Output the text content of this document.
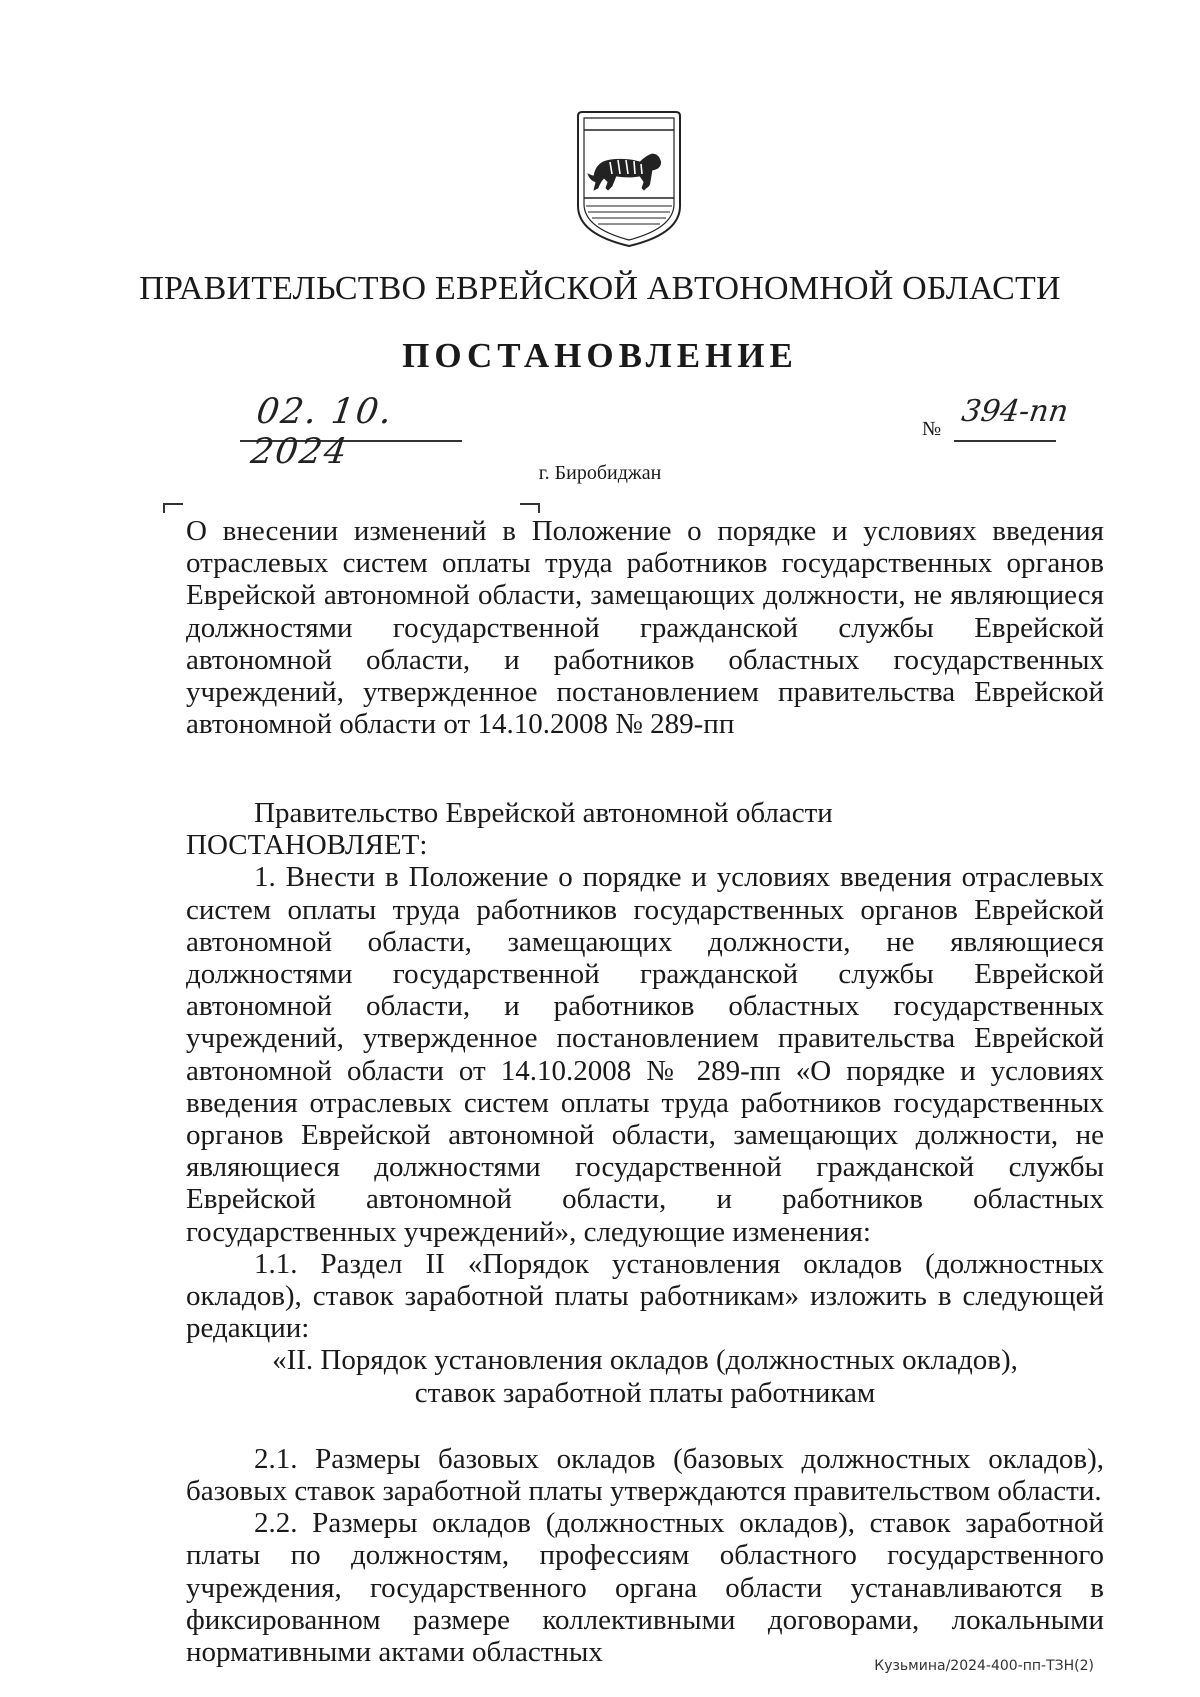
ПРАВИТЕЛЬСТВО ЕВРЕЙСКОЙ АВТОНОМНОЙ ОБЛАСТИ
ПОСТАНОВЛЕНИЕ
02. 10. 2024
№ 394-пп
г. Биробиджан
О внесении изменений в Положение о порядке и условиях введения отраслевых систем оплаты труда работников государственных органов Еврейской автономной области, замещающих должности, не являющиеся должностями государственной гражданской службы Еврейской автономной области, и работников областных государственных учреждений, утвержденное постановлением правительства Еврейской автономной области от 14.10.2008 № 289-пп

Правительство Еврейской автономной области

ПОСТАНОВЛЯЕТ:

1. Внести в Положение о порядке и условиях введения отраслевых систем оплаты труда работников государственных органов Еврейской автономной области, замещающих должности, не являющиеся должностями государственной гражданской службы Еврейской автономной области, и работников областных государственных учреждений, утвержденное постановлением правительства Еврейской автономной области от 14.10.2008 № 289-пп «О порядке и условиях введения отраслевых систем оплаты труда работников государственных органов Еврейской автономной области, замещающих должности, не являющиеся должностями государственной гражданской службы Еврейской автономной области, и работников областных государственных учреждений», следующие изменения:

1.1. Раздел II «Порядок установления окладов (должностных окладов), ставок заработной платы работникам» изложить в следующей редакции:

«II. Порядок установления окладов (должностных окладов),

ставок заработной платы работникам

2.1. Размеры базовых окладов (базовых должностных окладов), базовых ставок заработной платы утверждаются правительством области.

2.2. Размеры окладов (должностных окладов), ставок заработной платы по должностям, профессиям областного государственного учреждения, государственного органа области устанавливаются в фиксированном размере коллективными договорами, локальными нормативными актами областных	Кузьмина/2024-400-пп-ТЗН(2)
